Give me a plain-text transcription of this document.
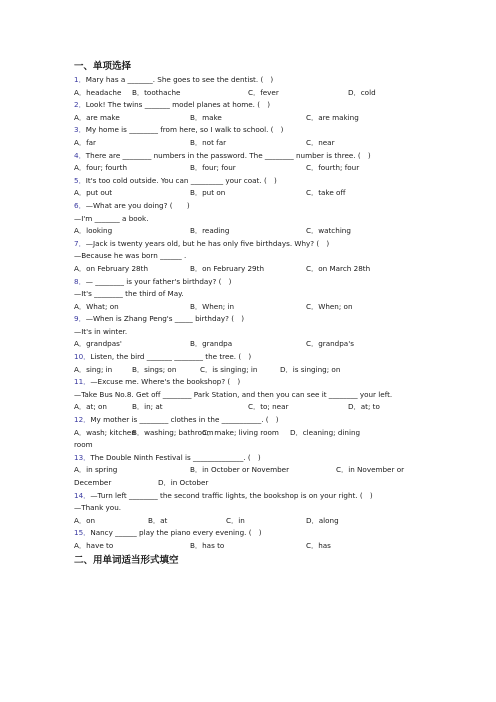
一、单项选择
1．Mary has a _______. She goes to see the dentist. (　)
A．headache B．toothache	C．fever	D．cold
2．Look! The twins _______ model planes at home. (　)
A．are make	B．make	C．are making
3．My home is ________ from here, so I walk to school. (　)
A．far	B．not far	C．near
4．There are ________ numbers in the password. The ________ number is three. (　)
A．four; fourth	B．four; four	C．fourth; four
5．It's too cold outside. You can _________ your coat. (　)
A．put out	B．put on	C．take off
6．—What are you doing? (　　)
—I'm _______ a book.
A．looking	B．reading	C．watching
7．—Jack is twenty years old, but he has only five birthdays. Why? (　)
—Because he was born ______ .
A．on February 28th	B．on February 29th	C．on March 28th
8．— ________ is your father's birthday? (　)
—It's ________ the third of May.
A．What; on	B．When; in	C．When; on
9．—When is Zhang Peng's _____ birthday? (　)
—It's in winter.
A．grandpas'	B．grandpa	C．grandpa's
10．Listen, the bird _______ ________ the tree. (　)
A．sing; in	B．sings; on	C．is singing; in	D．is singing; on
11．—Excuse me. Where's the bookshop? (　)
—Take Bus No.8. Get off ________ Park Station, and then you can see it ________ your left.
A．at; on	B．in; at	C．to; near	D．at; to
12．My mother is ________ clothes in the ___________. (　)
A．wash; kitchen
B．washing; bathroom
C．make; living room D．cleaning; dining
room
13．The Double Ninth Festival is ______________. (　)
A．in spring	B．in October or November	C．in November or
December	D．in October
14．—Turn left ________ the second traffic lights, the bookshop is on your right. (　)
—Thank you.
A．on	B．at	C．in	D．along
15．Nancy ______ play the piano every evening. (　)
A．have to	B．has to	C．has
二、用单词适当形式填空
